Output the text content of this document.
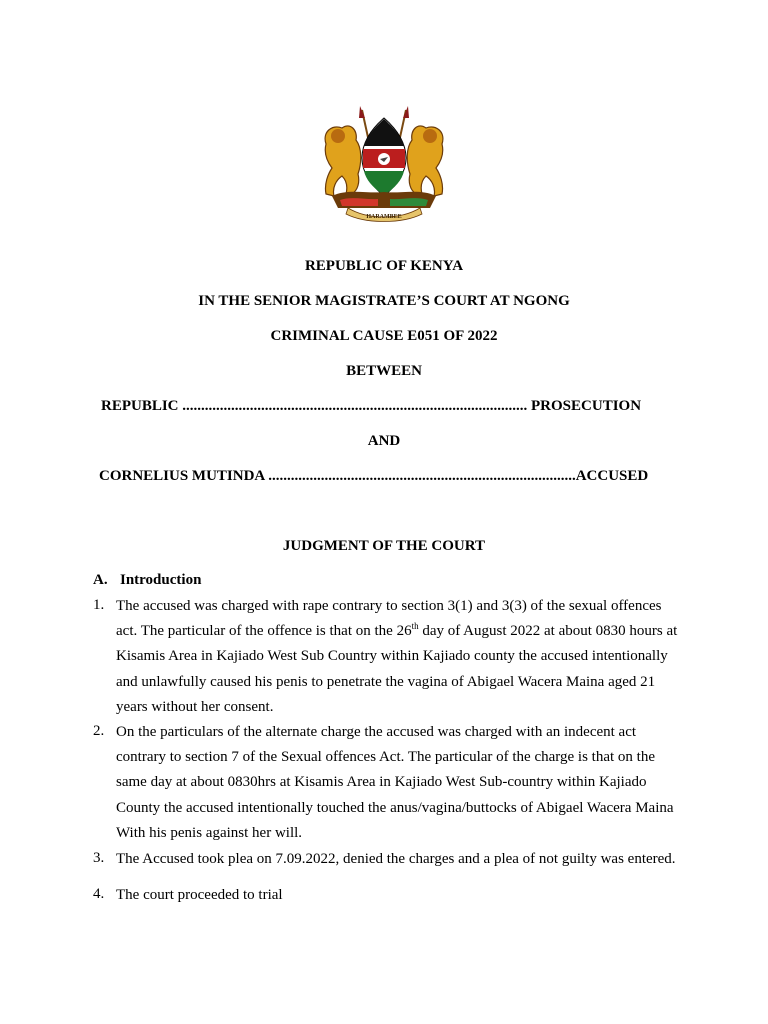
HARAMBEE
REPUBLIC OF KENYA
IN THE SENIOR MAGISTRATE’S COURT AT NGONG
CRIMINAL CAUSE E051 OF 2022
BETWEEN
REPUBLIC ............................................................................................ PROSECUTION
AND
CORNELIUS MUTINDA ..................................................................................ACCUSED
JUDGMENT OF THE COURT
A. Introduction
1. The accused was charged with rape contrary to section 3(1) and 3(3) of the sexual offences act. The particular of the offence is that on the 26th day of August 2022 at about 0830 hours at Kisamis Area in Kajiado West Sub Country within Kajiado county the accused intentionally and unlawfully caused his penis to penetrate the vagina of Abigael Wacera Maina aged 21 years without her consent.
2. On the particulars of the alternate charge the accused was charged with an indecent act contrary to section 7 of the Sexual offences Act. The particular of the charge is that on the same day at about 0830hrs at Kisamis Area in Kajiado West Sub-country within Kajiado County the accused intentionally touched the anus/vagina/buttocks of Abigael Wacera Maina With his penis against her will.
3. The Accused took plea on 7.09.2022, denied the charges and a plea of not guilty was entered.
4. The court proceeded to trial
